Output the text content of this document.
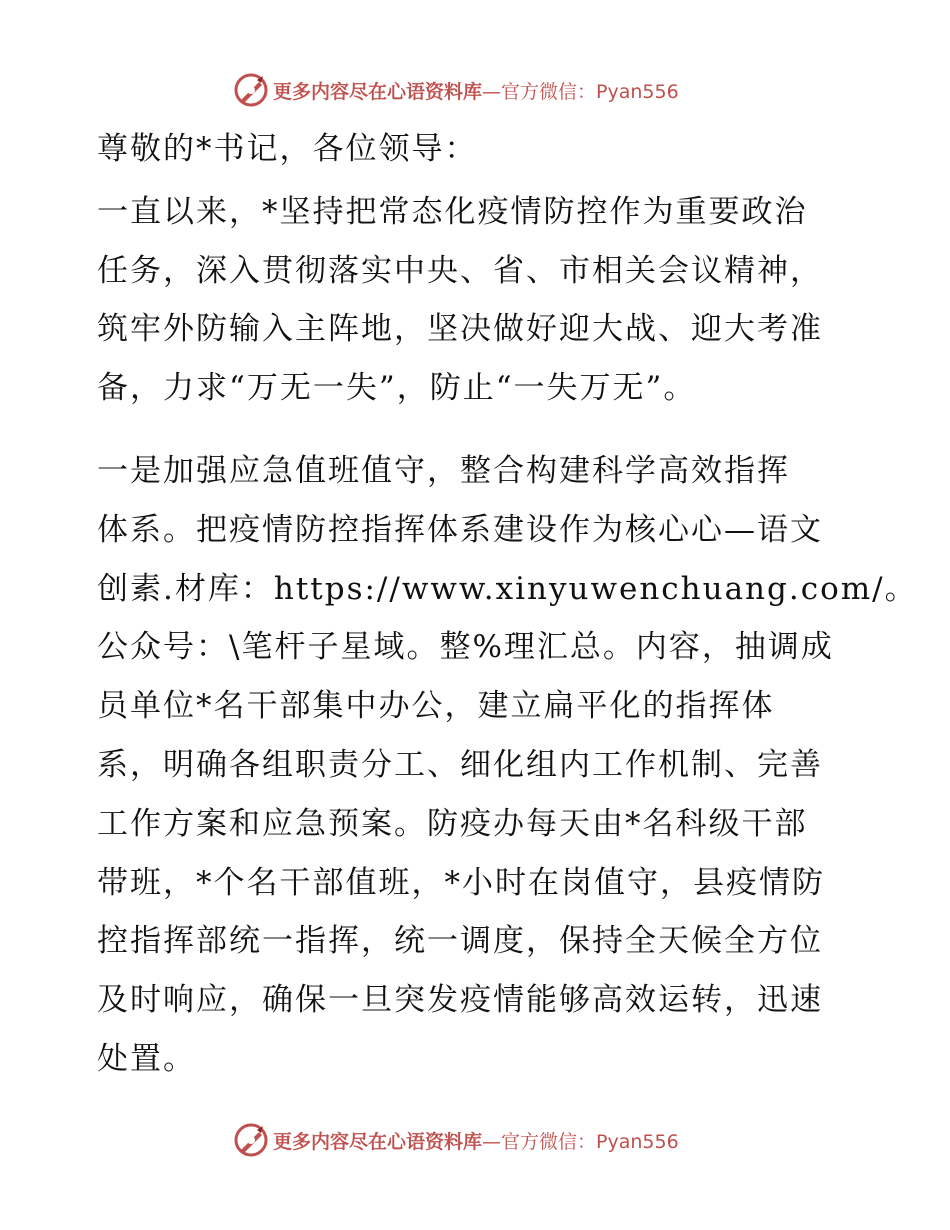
更多内容尽在心语资料库—官方微信：Pyan556

尊敬的*书记，各位领导：

一直以来，*坚持把常态化疫情防控作为重要政治
任务，深入贯彻落实中央、省、市相关会议精神，
筑牢外防输入主阵地，坚决做好迎大战、迎大考准
备，力求“万无一失”，防止“一失万无”。

一是加强应急值班值守，整合构建科学高效指挥
体系。把疫情防控指挥体系建设作为核心心—语文
创素.材库：https://www.xinyuwenchuang.com/。
公众号：\笔杆子星域。整%理汇总。内容，抽调成
员单位*名干部集中办公，建立扁平化的指挥体
系，明确各组职责分工、细化组内工作机制、完善
工作方案和应急预案。防疫办每天由*名科级干部
带班，*个名干部值班，*小时在岗值守，县疫情防
控指挥部统一指挥，统一调度，保持全天候全方位
及时响应，确保一旦突发疫情能够高效运转，迅速
处置。

更多内容尽在心语资料库—官方微信：Pyan556
